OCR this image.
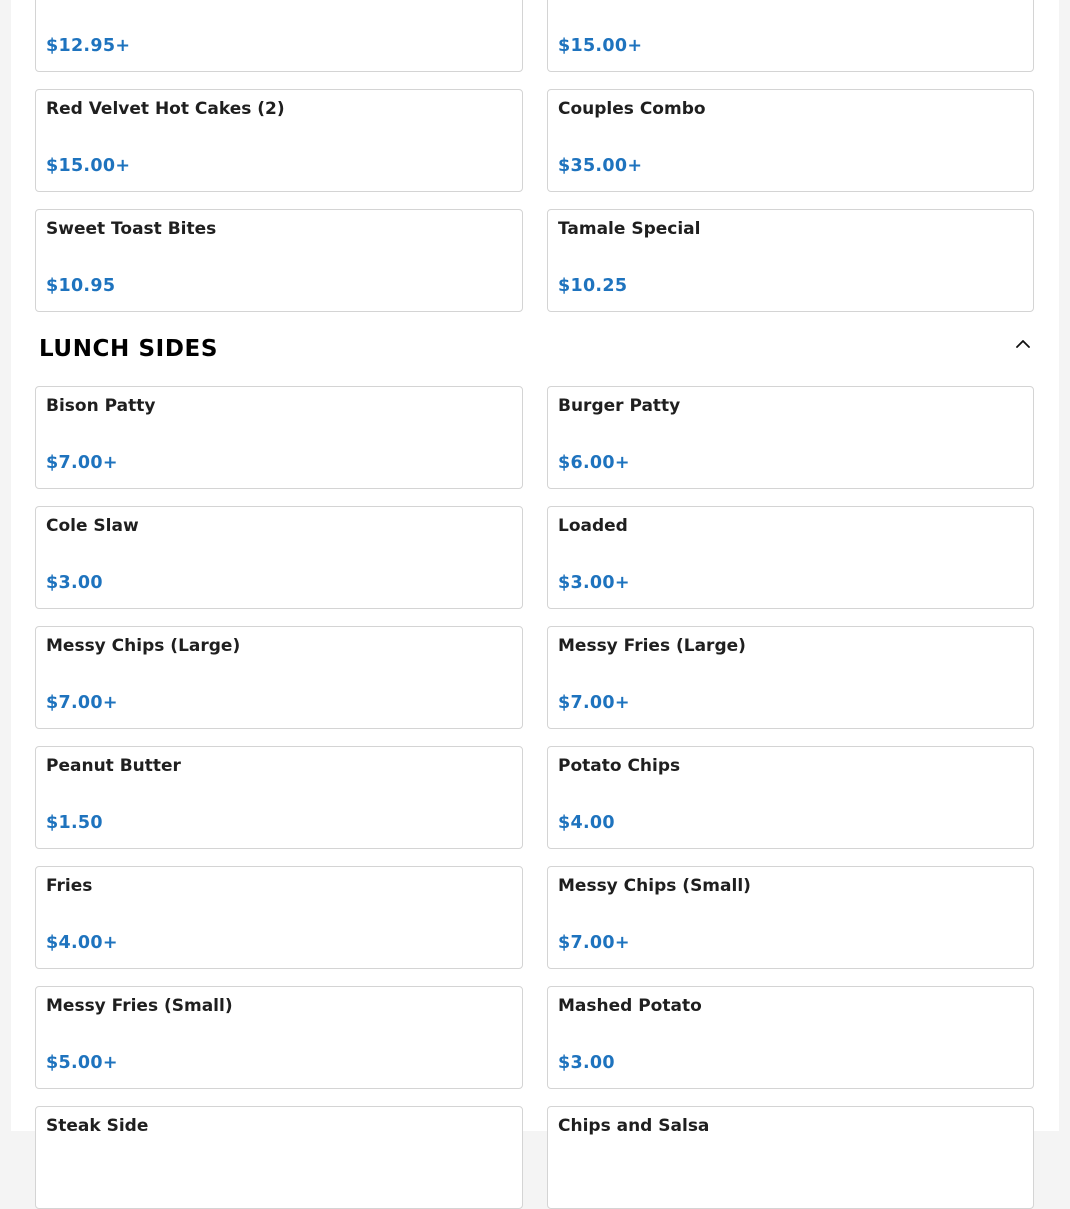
$12.95+	$15.00+
Red Velvet Hot Cakes (2)
$15.00+
Couples Combo
$35.00+
Sweet Toast Bites
$10.95
Tamale Special
$10.25
LUNCH SIDES
Bison Patty
$7.00+
Burger Patty
$6.00+
Cole Slaw
$3.00
Loaded
$3.00+
Messy Chips (Large)
$7.00+
Messy Fries (Large)
$7.00+
Peanut Butter
$1.50
Potato Chips
$4.00
Fries
$4.00+
Messy Chips (Small)
$7.00+
Messy Fries (Small)
$5.00+
Mashed Potato
$3.00
Steak Side	Chips and Salsa
